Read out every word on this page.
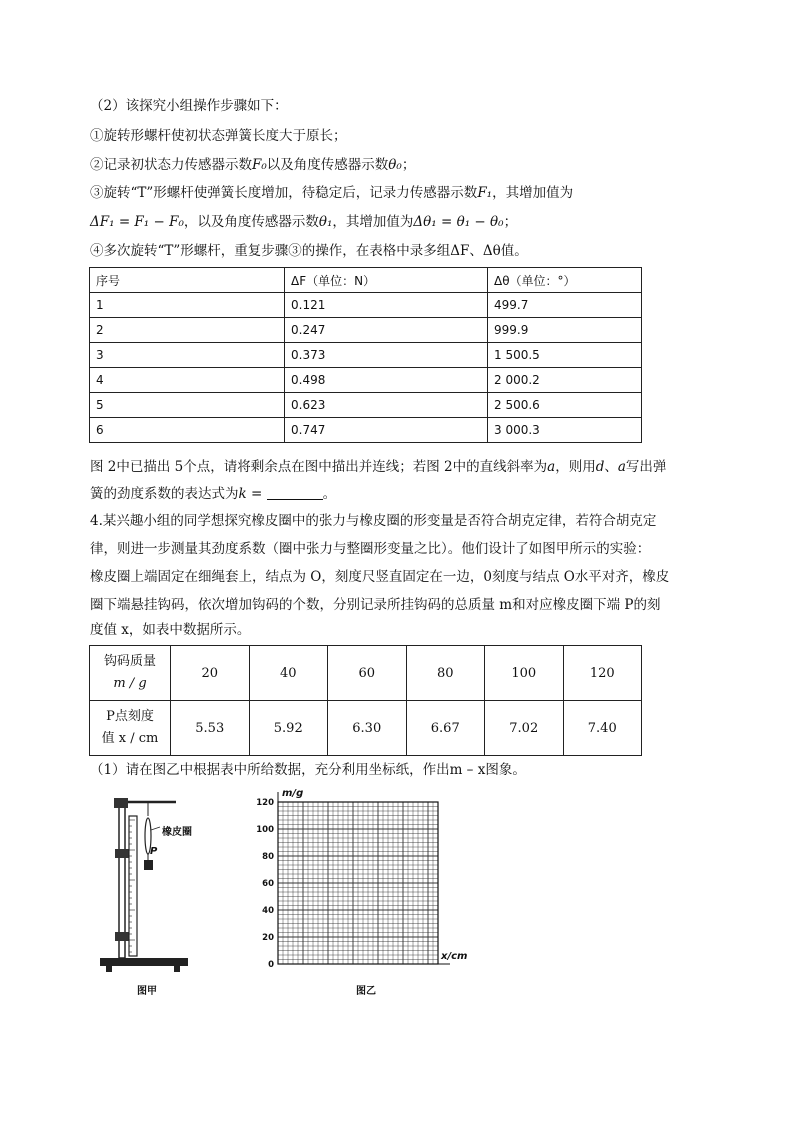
（2）该探究小组操作步骤如下：
①旋转形螺杆使初状态弹簧长度大于原长；
②记录初状态力传感器示数F₀以及角度传感器示数θ₀；
③旋转“T”形螺杆使弹簧长度增加，待稳定后，记录力传感器示数F₁，其增加值为
ΔF₁ = F₁ − F₀，以及角度传感器示数θ₁，其增加值为Δθ₁ = θ₁ − θ₀；
④多次旋转“T”形螺杆，重复步骤③的操作，在表格中录多组ΔF、Δθ值。
序号	ΔF（单位：N）	Δθ（单位：°）
1	0.121	499.7
2	0.247	999.9
3	0.373	1 500.5
4	0.498	2 000.2
5	0.623	2 500.6
6	0.747	3 000.3
图 2中已描出 5个点，请将剩余点在图中描出并连线；若图 2中的直线斜率为a，则用d、a写出弹
簧的劲度系数的表达式为k =	。
4.某兴趣小组的同学想探究橡皮圈中的张力与橡皮圈的形变量是否符合胡克定律，若符合胡克定
律，则进一步测量其劲度系数（圈中张力与整圈形变量之比）。他们设计了如图甲所示的实验：
橡皮圈上端固定在细绳套上，结点为 O，刻度尺竖直固定在一边，0刻度与结点 O水平对齐，橡皮
圈下端悬挂钩码，依次增加钩码的个数，分别记录所挂钩码的总质量 m和对应橡皮圈下端 P的刻
度值 x，如表中数据所示。
钩码质量
m / g	20	40	60	80	100	120
P点刻度
值 x / cm	5.53	5.92	6.30	6.67	7.02	7.40
（1）请在图乙中根据表中所给数据，充分利用坐标纸，作出m – x图象。
橡皮圈
P
图甲
120
100
80
60
40
20
0
m/g
x/cm
图乙
